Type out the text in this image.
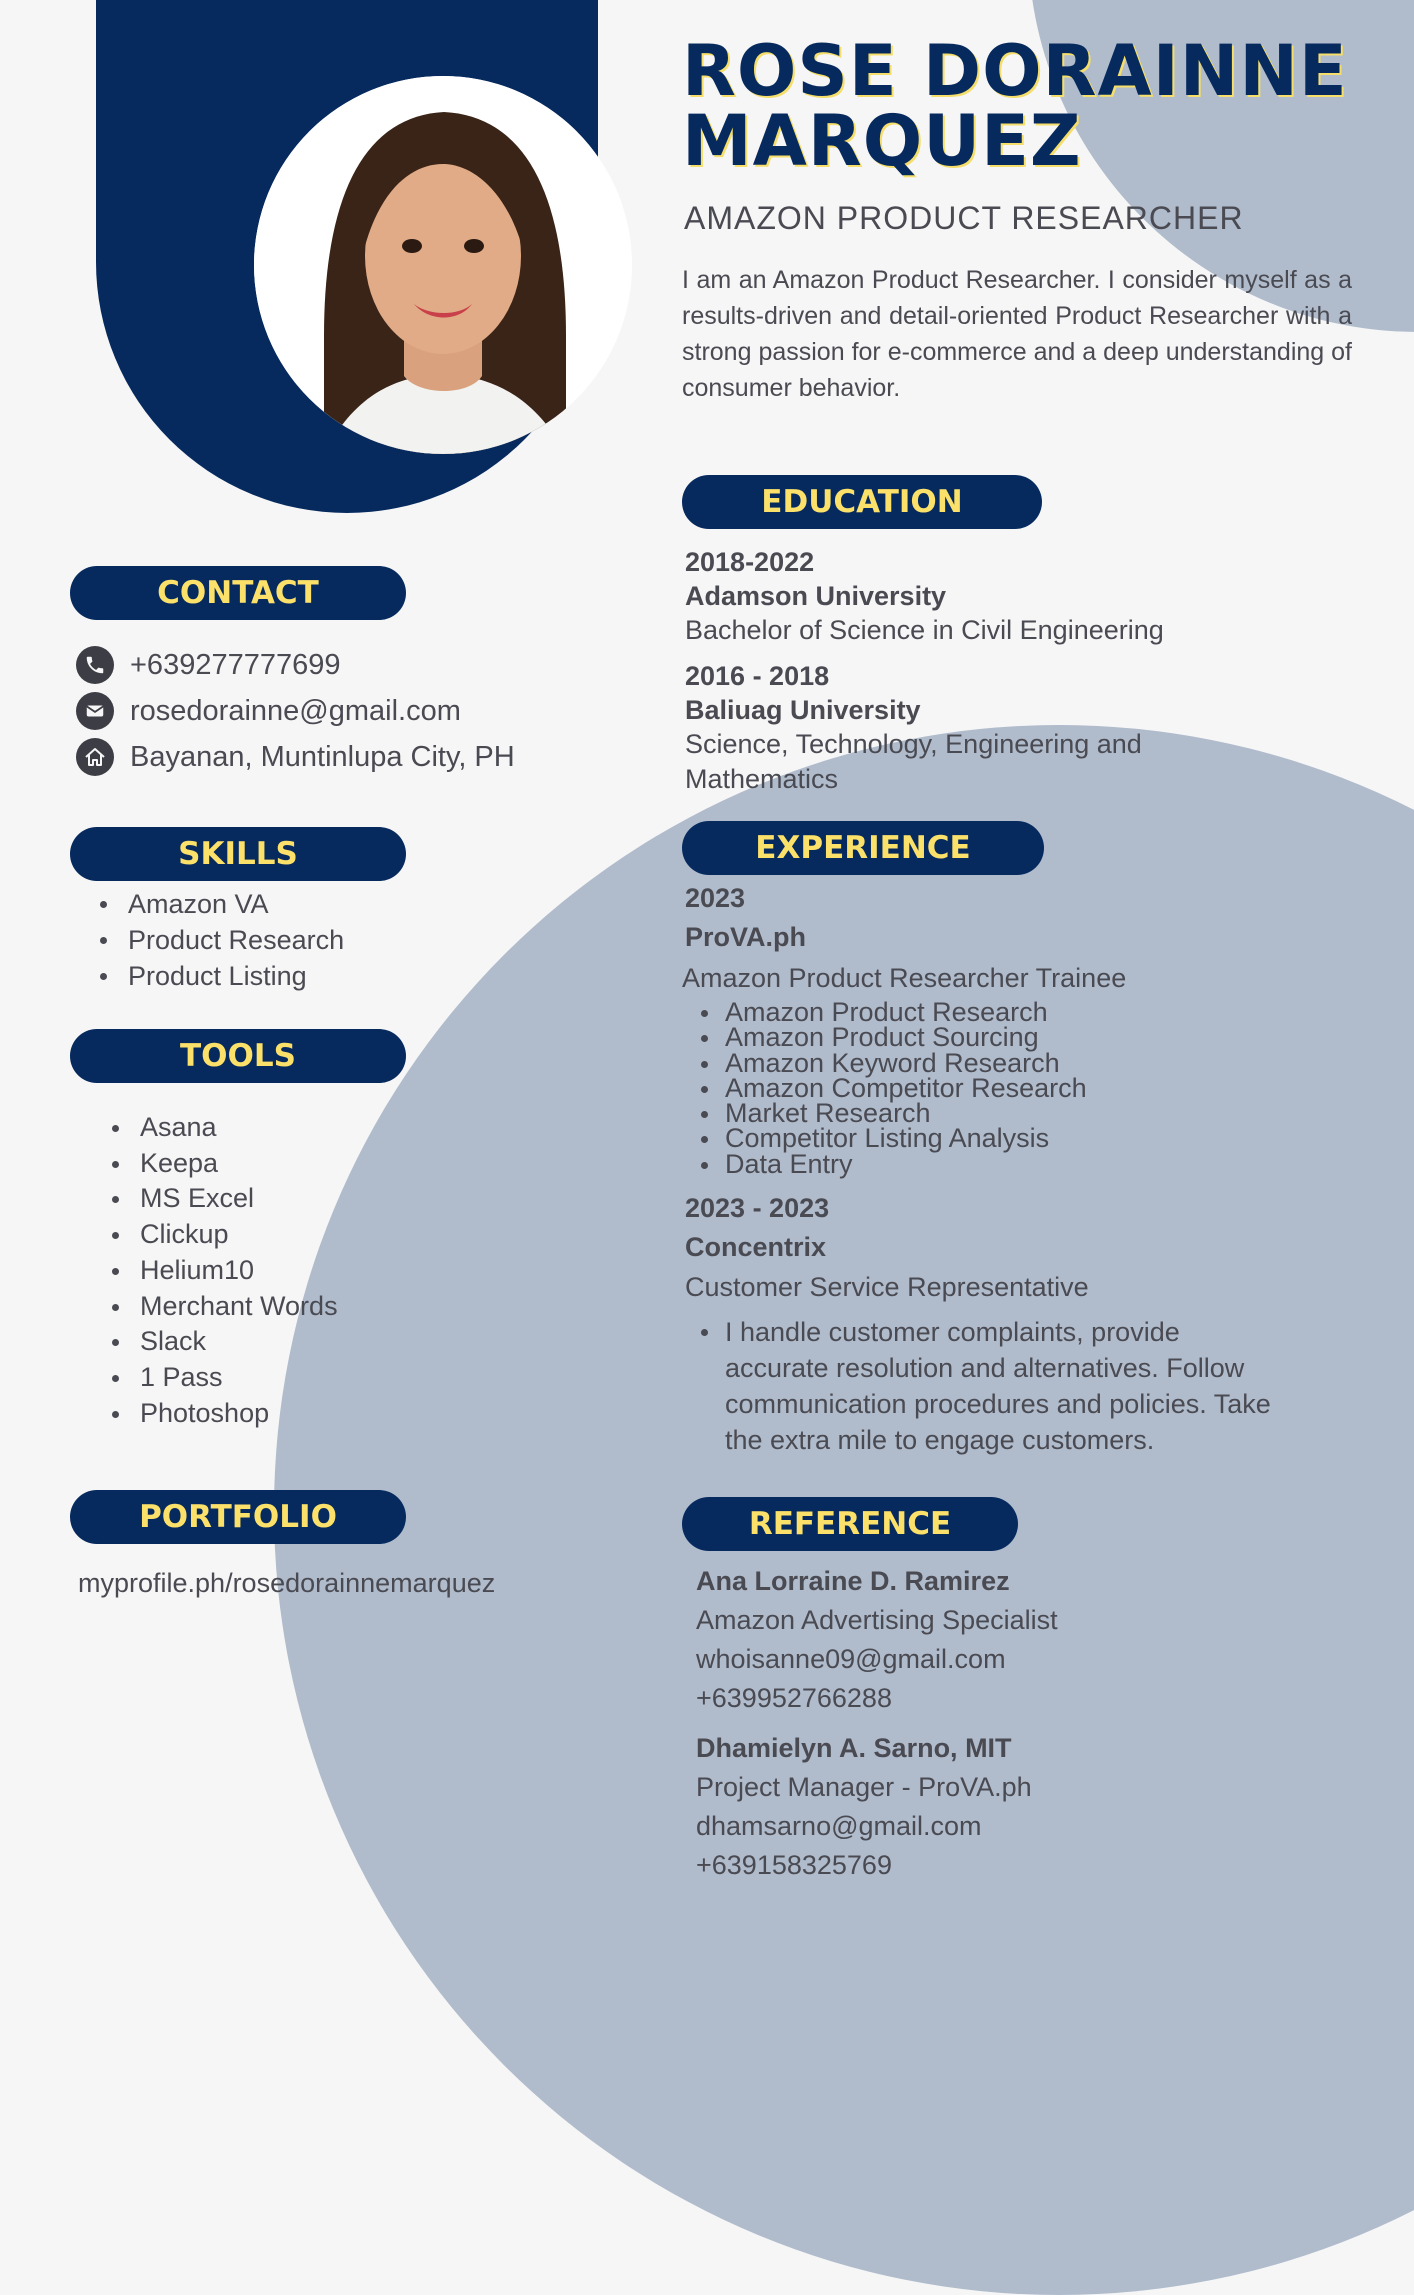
ROSE DORAINNE
MARQUEZ
AMAZON PRODUCT RESEARCHER

I am an Amazon Product Researcher. I consider myself as a results-driven and detail-oriented Product Researcher with a strong passion for e-commerce and a deep understanding of consumer behavior.

CONTACT
+639277777699
rosedorainne@gmail.com
Bayanan, Muntinlupa City, PH
SKILLS
Amazon VA
Product Research
Product Listing
TOOLS
Asana
Keepa
MS Excel
Clickup
Helium10
Merchant Words
Slack
1 Pass
Photoshop
PORTFOLIO
myprofile.ph/rosedorainnemarquez
EDUCATION
2018-2022
Adamson University
Bachelor of Science in Civil Engineering
2016 - 2018
Baliuag University
Science, Technology, Engineering and Mathematics
EXPERIENCE
2023
ProVA.ph
Amazon Product Researcher Trainee
Amazon Product Research
Amazon Product Sourcing
Amazon Keyword Research
Amazon Competitor Research
Market Research
Competitor Listing Analysis
Data Entry
2023 - 2023
Concentrix
Customer Service Representative
I handle customer complaints, provide accurate resolution and alternatives. Follow communication procedures and policies. Take the extra mile to engage customers.
REFERENCE
Ana Lorraine D. Ramirez
Amazon Advertising Specialist
whoisanne09@gmail.com
+639952766288
Dhamielyn A. Sarno, MIT
Project Manager - ProVA.ph
dhamsarno@gmail.com
+639158325769
